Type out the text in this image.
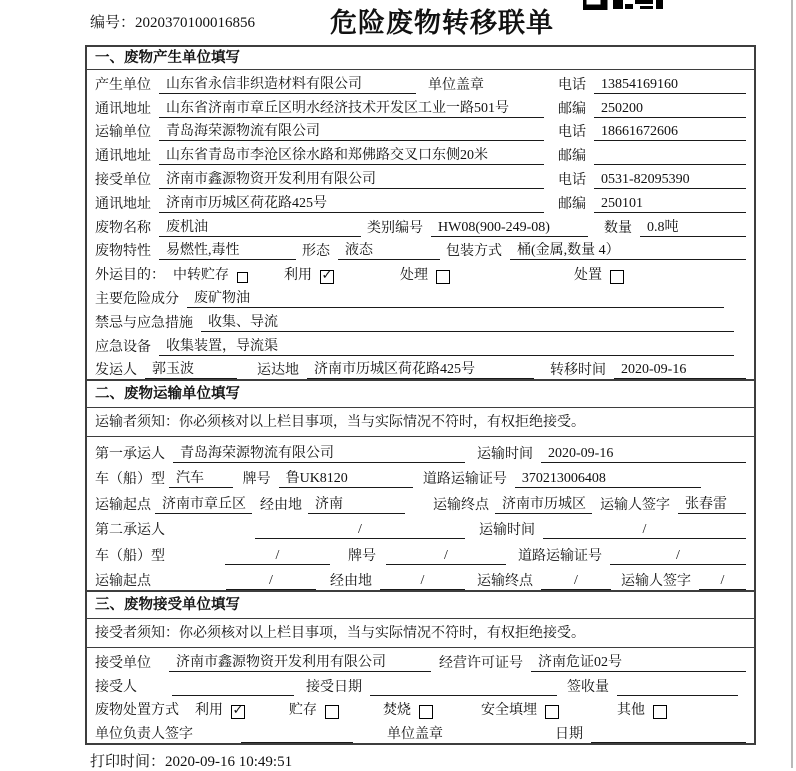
编号：2020370100016856	危险废物转移联单
一、废物产生单位填写
产生单位	山东省永信非织造材料有限公司	单位盖章	电话	13854169160
通讯地址	山东省济南市章丘区明水经济技术开发区工业一路501号	邮编	250200
运输单位	青岛海荣源物流有限公司	电话	18661672606
通讯地址	山东省青岛市李沧区徐水路和郑佛路交叉口东侧20米	邮编
接受单位	济南市鑫源物资开发利用有限公司	电话	0531-82095390
通讯地址	济南市历城区荷花路425号	邮编	250101
废物名称	废机油	类别编号	HW08(900-249-08)	数量	0.8吨
废物特性	易燃性,毒性	形态	液态	包装方式	桶(金属,数量 4）
外运目的： 中转贮存	利用 ✓	处理	处置
主要危险成分	废矿物油
禁忌与应急措施	收集、导流
应急设备	收集装置，导流渠
发运人	郭玉波	运达地	济南市历城区荷花路425号	转移时间	2020-09-16
二、废物运输单位填写
运输者须知：你必须核对以上栏目事项，当与实际情况不符时，有权拒绝接受。
第一承运人	青岛海荣源物流有限公司	运输时间	2020-09-16
车（船）型 汽车	牌号	鲁UK8120	道路运输证号	370213006408
运输起点 济南市章丘区	经由地 济南	运输终点 济南市历城区	运输人签字	张春雷
第二承运人	/	运输时间	/
车（船）型	/	牌号	/	道路运输证号	/
运输起点	/	经由地	/	运输终点	/	运输人签字	/
三、废物接受单位填写
接受者须知：你必须核对以上栏目事项，当与实际情况不符时，有权拒绝接受。
接受单位	济南市鑫源物资开发利用有限公司	经营许可证号	济南危证02号
接受人	接受日期	签收量
废物处置方式 利用 ✓	贮存	焚烧	安全填埋	其他
单位负责人签字	单位盖章	日期
打印时间：2020-09-16 10:49:51
